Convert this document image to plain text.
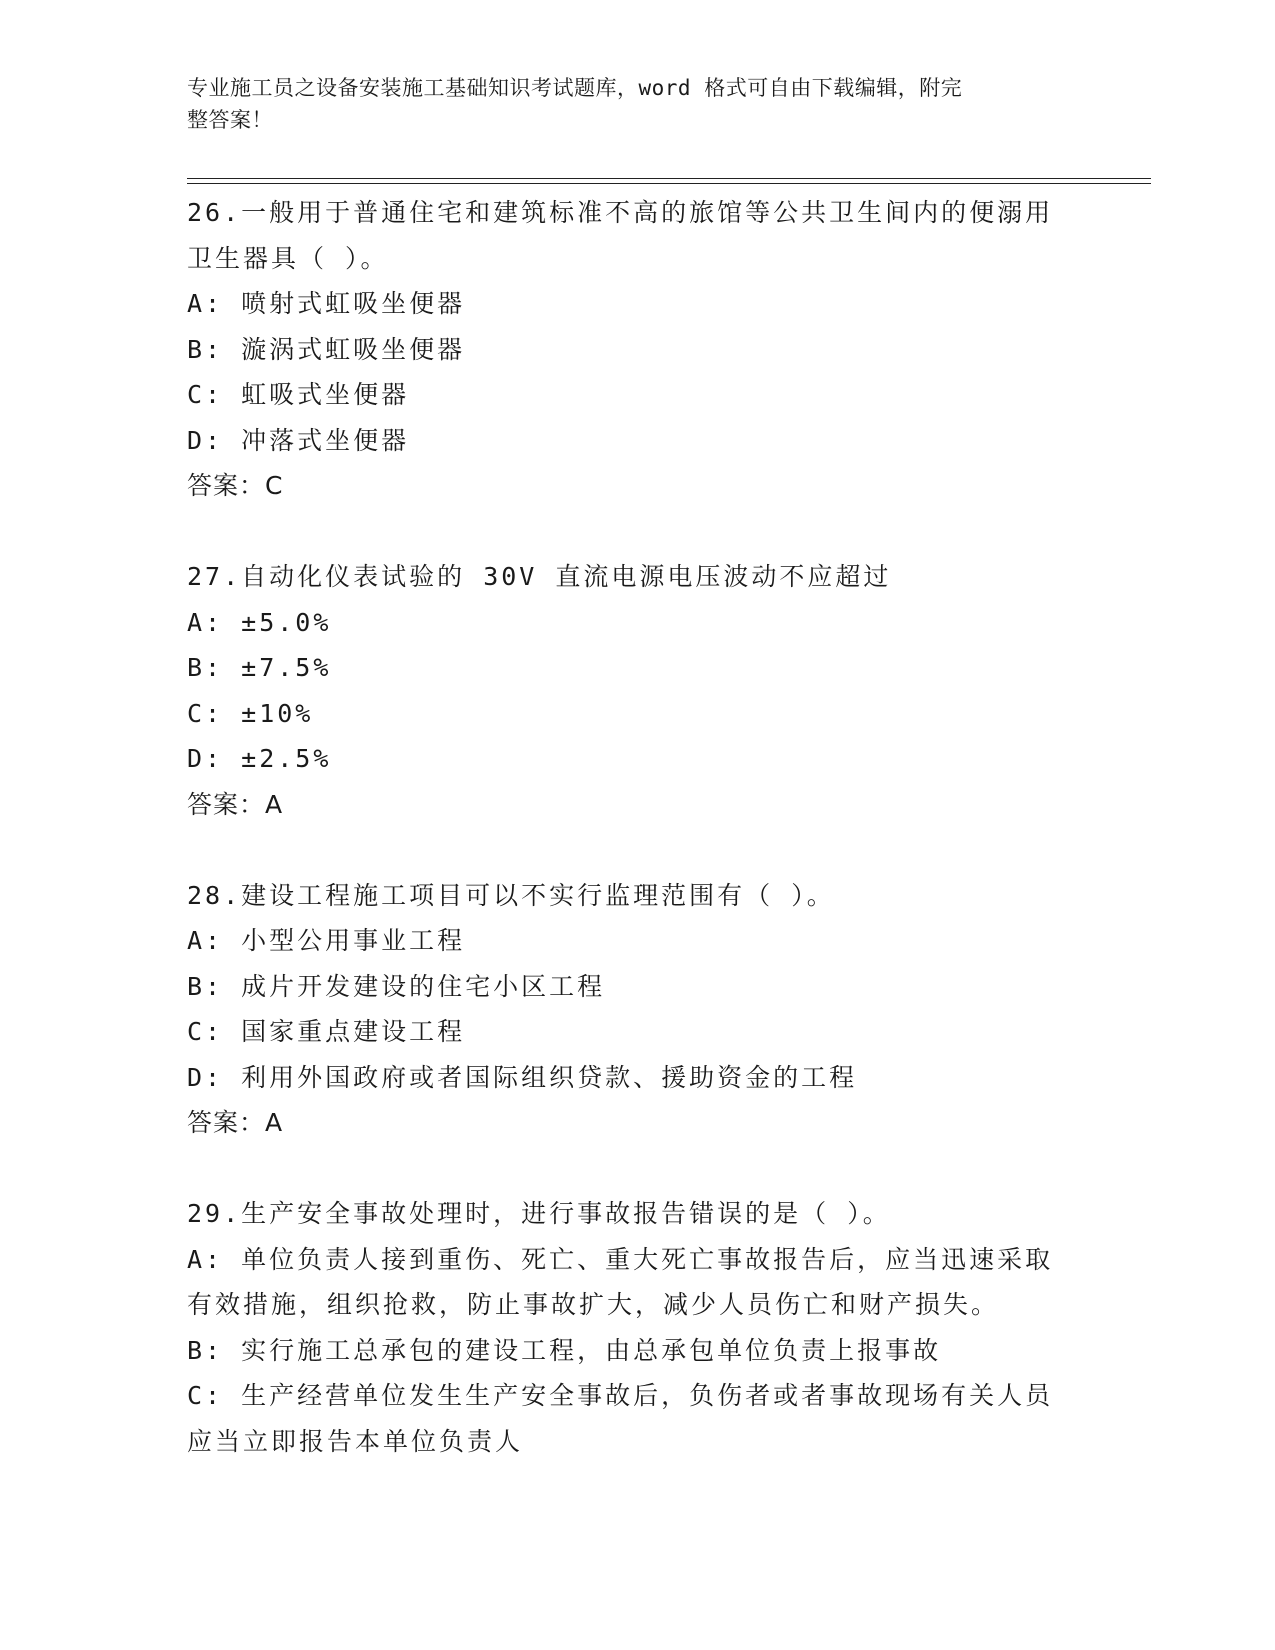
专业施工员之设备安装施工基础知识考试题库，word 格式可自由下载编辑，附完
整答案！
26.一般用于普通住宅和建筑标准不高的旅馆等公共卫生间内的便溺用
卫生器具（ ）。
A: 喷射式虹吸坐便器
B: 漩涡式虹吸坐便器
C: 虹吸式坐便器
D: 冲落式坐便器
答案：C
27.自动化仪表试验的 30V 直流电源电压波动不应超过
A: ±5.0%
B: ±7.5%
C: ±10%
D: ±2.5%
答案：A
28.建设工程施工项目可以不实行监理范围有（ ）。
A: 小型公用事业工程
B: 成片开发建设的住宅小区工程
C: 国家重点建设工程
D: 利用外国政府或者国际组织贷款、援助资金的工程
答案：A
29.生产安全事故处理时，进行事故报告错误的是（ ）。
A: 单位负责人接到重伤、死亡、重大死亡事故报告后，应当迅速采取
有效措施，组织抢救，防止事故扩大，减少人员伤亡和财产损失。
B: 实行施工总承包的建设工程，由总承包单位负责上报事故
C: 生产经营单位发生生产安全事故后，负伤者或者事故现场有关人员
应当立即报告本单位负责人
